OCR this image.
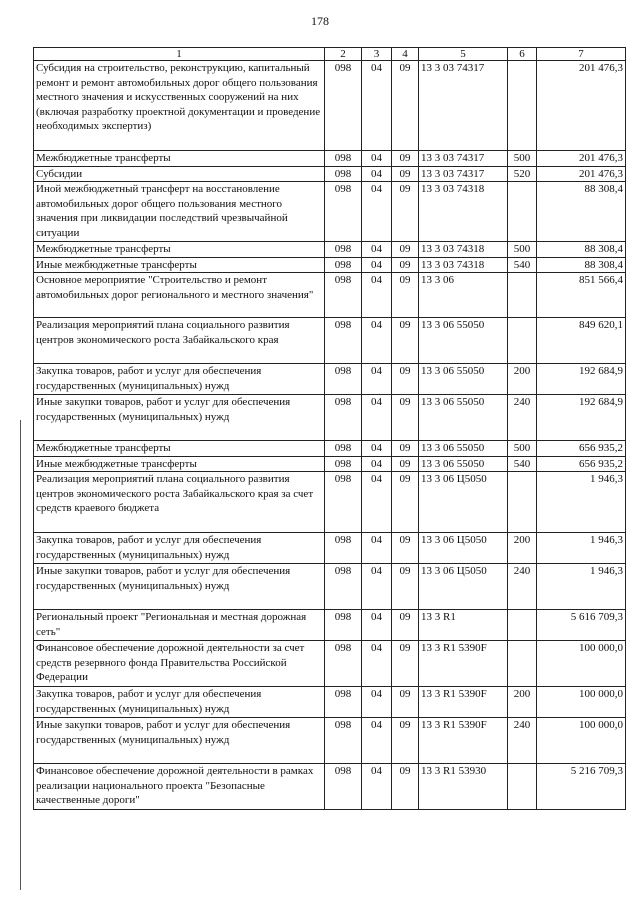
178
1	2	3	4	5	6	7
Субсидия на строительство, реконструкцию, капитальный ремонт и ремонт автомобильных дорог общего пользования местного значения и искусственных сооружений на них (включая разработку проектной документации и проведение необходимых экспертиз)	098	04	09	13 3 03 74317		201 476,3
Межбюджетные трансферты	098	04	09	13 3 03 74317	500	201 476,3
Субсидии	098	04	09	13 3 03 74317	520	201 476,3
Иной межбюджетный трансферт на восстановление автомобильных дорог общего пользования местного значения при ликвидации последствий чрезвычайной ситуации	098	04	09	13 3 03 74318		88 308,4
Межбюджетные трансферты	098	04	09	13 3 03 74318	500	88 308,4
Иные межбюджетные трансферты	098	04	09	13 3 03 74318	540	88 308,4
Основное мероприятие "Строительство и ремонт автомобильных дорог регионального и местного значения"	098	04	09	13 3 06		851 566,4
Реализация мероприятий плана социального развития центров экономического роста Забайкальского края	098	04	09	13 3 06 55050		849 620,1
Закупка товаров, работ и услуг для обеспечения государственных (муниципальных) нужд	098	04	09	13 3 06 55050	200	192 684,9
Иные закупки товаров, работ и услуг для обеспечения государственных (муниципальных) нужд	098	04	09	13 3 06 55050	240	192 684,9
Межбюджетные трансферты	098	04	09	13 3 06 55050	500	656 935,2
Иные межбюджетные трансферты	098	04	09	13 3 06 55050	540	656 935,2
Реализация мероприятий плана социального развития центров экономического роста Забайкальского края за счет средств краевого бюджета	098	04	09	13 3 06 Ц5050		1 946,3
Закупка товаров, работ и услуг для обеспечения государственных (муниципальных) нужд	098	04	09	13 3 06 Ц5050	200	1 946,3
Иные закупки товаров, работ и услуг для обеспечения государственных (муниципальных) нужд	098	04	09	13 3 06 Ц5050	240	1 946,3
Региональный проект "Региональная и местная дорожная сеть"	098	04	09	13 3 R1		5 616 709,3
Финансовое обеспечение дорожной деятельности за счет средств резервного фонда Правительства Российской Федерации	098	04	09	13 3 R1 5390F		100 000,0
Закупка товаров, работ и услуг для обеспечения государственных (муниципальных) нужд	098	04	09	13 3 R1 5390F	200	100 000,0
Иные закупки товаров, работ и услуг для обеспечения государственных (муниципальных) нужд	098	04	09	13 3 R1 5390F	240	100 000,0
Финансовое обеспечение дорожной деятельности в рамках реализации национального проекта "Безопасные качественные дороги"	098	04	09	13 3 R1 53930		5 216 709,3
